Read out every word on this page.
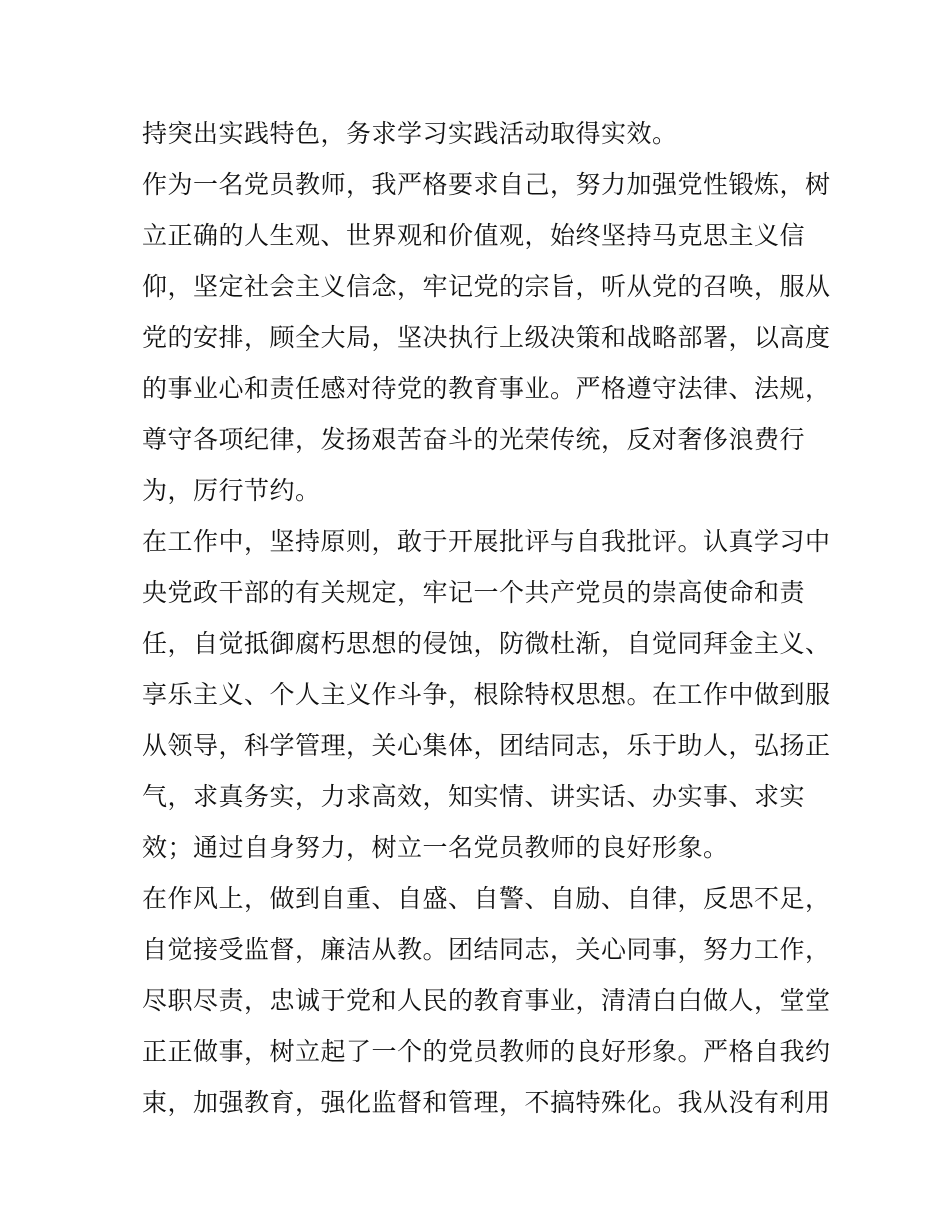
持突出实践特色，务求学习实践活动取得实效。
作为一名党员教师，我严格要求自己，努力加强党性锻炼，树
立正确的人生观、世界观和价值观，始终坚持马克思主义信
仰，坚定社会主义信念，牢记党的宗旨，听从党的召唤，服从
党的安排，顾全大局，坚决执行上级决策和战略部署，以高度
的事业心和责任感对待党的教育事业。严格遵守法律、法规，
尊守各项纪律，发扬艰苦奋斗的光荣传统，反对奢侈浪费行
为，厉行节约。
在工作中，坚持原则，敢于开展批评与自我批评。认真学习中
央党政干部的有关规定，牢记一个共产党员的崇高使命和责
任，自觉抵御腐朽思想的侵蚀，防微杜渐，自觉同拜金主义、
享乐主义、个人主义作斗争，根除特权思想。在工作中做到服
从领导，科学管理，关心集体，团结同志，乐于助人，弘扬正
气，求真务实，力求高效，知实情、讲实话、办实事、求实
效；通过自身努力，树立一名党员教师的良好形象。
在作风上，做到自重、自盛、自警、自励、自律，反思不足，
自觉接受监督，廉洁从教。团结同志，关心同事，努力工作，
尽职尽责，忠诚于党和人民的教育事业，清清白白做人，堂堂
正正做事，树立起了一个的党员教师的良好形象。严格自我约
束，加强教育，强化监督和管理，不搞特殊化。我从没有利用
